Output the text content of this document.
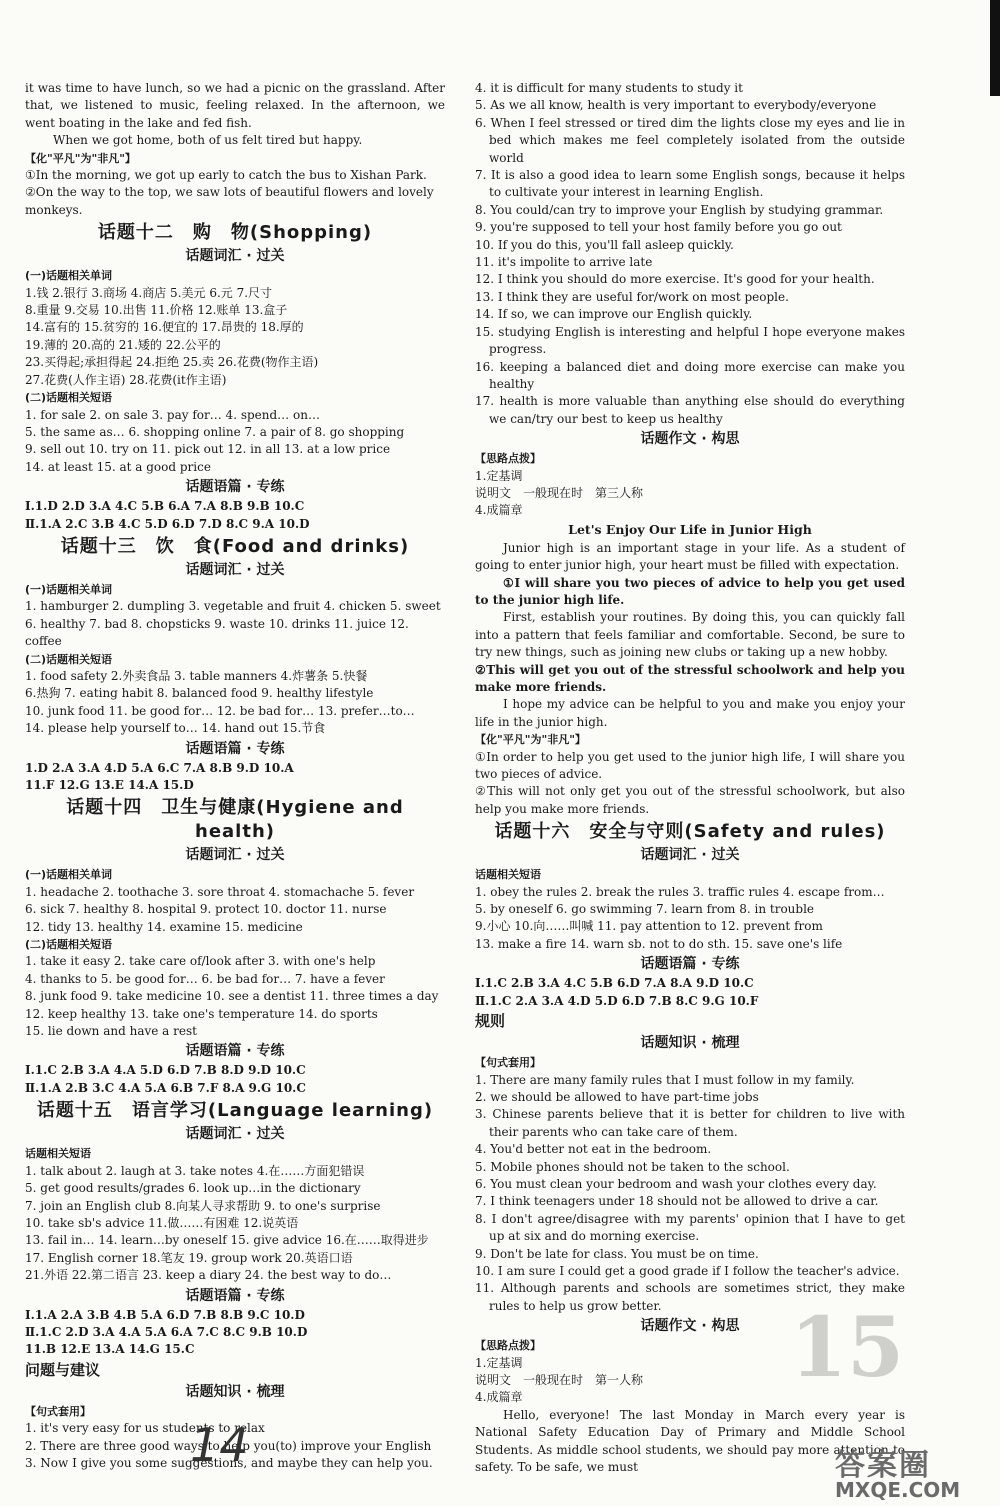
it was time to have lunch, so we had a picnic on the grassland. After that, we listened to music, feeling relaxed. In the afternoon, we went boating in the lake and fed fish.

When we got home, both of us felt tired but happy.

【化"平凡"为"非凡"】

①In the morning, we got up early to catch the bus to Xishan Park.

②On the way to the top, we saw lots of beautiful flowers and lovely monkeys.

话题十二　购　物(Shopping)

话题词汇 · 过关

(一)话题相关单词

1.钱 2.银行 3.商场 4.商店 5.美元 6.元 7.尺寸

8.重量 9.交易 10.出售 11.价格 12.账单 13.盒子

14.富有的 15.贫穷的 16.便宜的 17.昂贵的 18.厚的

19.薄的 20.高的 21.矮的 22.公平的

23.买得起;承担得起 24.拒绝 25.卖 26.花费(物作主语)

27.花费(人作主语) 28.花费(it作主语)

(二)话题相关短语

1. for sale 2. on sale 3. pay for… 4. spend… on…

5. the same as… 6. shopping online 7. a pair of 8. go shopping

9. sell out 10. try on 11. pick out 12. in all 13. at a low price

14. at least 15. at a good price

话题语篇 · 专练

Ⅰ.1.D 2.D 3.A 4.C 5.B 6.A 7.A 8.B 9.B 10.C

Ⅱ.1.A 2.C 3.B 4.C 5.D 6.D 7.D 8.C 9.A 10.D

话题十三　饮　食(Food and drinks)

话题词汇 · 过关

(一)话题相关单词

1. hamburger 2. dumpling 3. vegetable and fruit 4. chicken 5. sweet

6. healthy 7. bad 8. chopsticks 9. waste 10. drinks 11. juice 12. coffee

(二)话题相关短语

1. food safety 2.外卖食品 3. table manners 4.炸薯条 5.快餐

6.热狗 7. eating habit 8. balanced food 9. healthy lifestyle

10. junk food 11. be good for… 12. be bad for… 13. prefer…to…

14. please help yourself to… 14. hand out 15.节食

话题语篇 · 专练

1.D 2.A 3.A 4.D 5.A 6.C 7.A 8.B 9.D 10.A

11.F 12.G 13.E 14.A 15.D

话题十四　卫生与健康(Hygiene and health)

话题词汇 · 过关

(一)话题相关单词

1. headache 2. toothache 3. sore throat 4. stomachache 5. fever

6. sick 7. healthy 8. hospital 9. protect 10. doctor 11. nurse

12. tidy 13. healthy 14. examine 15. medicine

(二)话题相关短语

1. take it easy 2. take care of/look after 3. with one's help

4. thanks to 5. be good for… 6. be bad for… 7. have a fever

8. junk food 9. take medicine 10. see a dentist 11. three times a day

12. keep healthy 13. take one's temperature 14. do sports

15. lie down and have a rest

话题语篇 · 专练

Ⅰ.1.C 2.B 3.A 4.A 5.D 6.D 7.B 8.D 9.D 10.C

Ⅱ.1.A 2.B 3.C 4.A 5.A 6.B 7.F 8.A 9.G 10.C

话题十五　语言学习(Language learning)

话题词汇 · 过关

话题相关短语

1. talk about 2. laugh at 3. take notes 4.在……方面犯错误

5. get good results/grades 6. look up…in the dictionary

7. join an English club 8.向某人寻求帮助 9. to one's surprise

10. take sb's advice 11.做……有困难 12.说英语

13. fail in… 14. learn…by oneself 15. give advice 16.在……取得进步

17. English corner 18.笔友 19. group work 20.英语口语

21.外语 22.第二语言 23. keep a diary 24. the best way to do…

话题语篇 · 专练

Ⅰ.1.A 2.A 3.B 4.B 5.A 6.D 7.B 8.B 9.C 10.D

Ⅱ.1.C 2.D 3.A 4.A 5.A 6.A 7.C 8.C 9.B 10.D

11.B 12.E 13.A 14.G 15.C

问题与建议

话题知识 · 梳理

【句式套用】

1. it's very easy for us students to relax

2. There are three good ways to help you(to) improve your English

3. Now I give you some suggestions, and maybe they can help you.

4. it is difficult for many students to study it

5. As we all know, health is very important to everybody/everyone

6. When I feel stressed or tired dim the lights close my eyes and lie in bed which makes me feel completely isolated from the outside world

7. It is also a good idea to learn some English songs, because it helps to cultivate your interest in learning English.

8. You could/can try to improve your English by studying grammar.

9. you're supposed to tell your host family before you go out

10. If you do this, you'll fall asleep quickly.

11. it's impolite to arrive late

12. I think you should do more exercise. It's good for your health.

13. I think they are useful for/work on most people.

14. If so, we can improve our English quickly.

15. studying English is interesting and helpful I hope everyone makes progress.

16. keeping a balanced diet and doing more exercise can make you healthy

17. health is more valuable than anything else should do everything we can/try our best to keep us healthy

话题作文 · 构思

【思路点拨】

1.定基调

说明文　一般现在时　第三人称

4.成篇章

Let's Enjoy Our Life in Junior High

Junior high is an important stage in your life. As a student of going to enter junior high, your heart must be filled with expectation.

①I will share you two pieces of advice to help you get used to the junior high life.

First, establish your routines. By doing this, you can quickly fall into a pattern that feels familiar and comfortable. Second, be sure to try new things, such as joining new clubs or taking up a new hobby.

②This will get you out of the stressful schoolwork and help you make more friends.

I hope my advice can be helpful to you and make you enjoy your life in the junior high.

【化"平凡"为"非凡"】

①In order to help you get used to the junior high life, I will share you two pieces of advice.

②This will not only get you out of the stressful schoolwork, but also help you make more friends.

话题十六　安全与守则(Safety and rules)

话题词汇 · 过关

话题相关短语

1. obey the rules 2. break the rules 3. traffic rules 4. escape from…

5. by oneself 6. go swimming 7. learn from 8. in trouble

9.小心 10.向……叫喊 11. pay attention to 12. prevent from

13. make a fire 14. warn sb. not to do sth. 15. save one's life

话题语篇 · 专练

Ⅰ.1.C 2.B 3.A 4.C 5.B 6.D 7.A 8.A 9.D 10.C

Ⅱ.1.C 2.A 3.A 4.D 5.D 6.D 7.B 8.C 9.G 10.F

规则

话题知识 · 梳理

【句式套用】

1. There are many family rules that I must follow in my family.

2. we should be allowed to have part-time jobs

3. Chinese parents believe that it is better for children to live with their parents who can take care of them.

4. You'd better not eat in the bedroom.

5. Mobile phones should not be taken to the school.

6. You must clean your bedroom and wash your clothes every day.

7. I think teenagers under 18 should not be allowed to drive a car.

8. I don't agree/disagree with my parents' opinion that I have to get up at six and do morning exercise.

9. Don't be late for class. You must be on time.

10. I am sure I could get a good grade if I follow the teacher's advice.

11. Although parents and schools are sometimes strict, they make rules to help us grow better.

话题作文 · 构思

【思路点拨】

1.定基调

说明文　一般现在时　第一人称

4.成篇章

Hello, everyone! The last Monday in March every year is National Safety Education Day of Primary and Middle School Students. As middle school students, we should pay more attention to safety. To be safe, we must

15
14	答案圈
MXQE.COM
